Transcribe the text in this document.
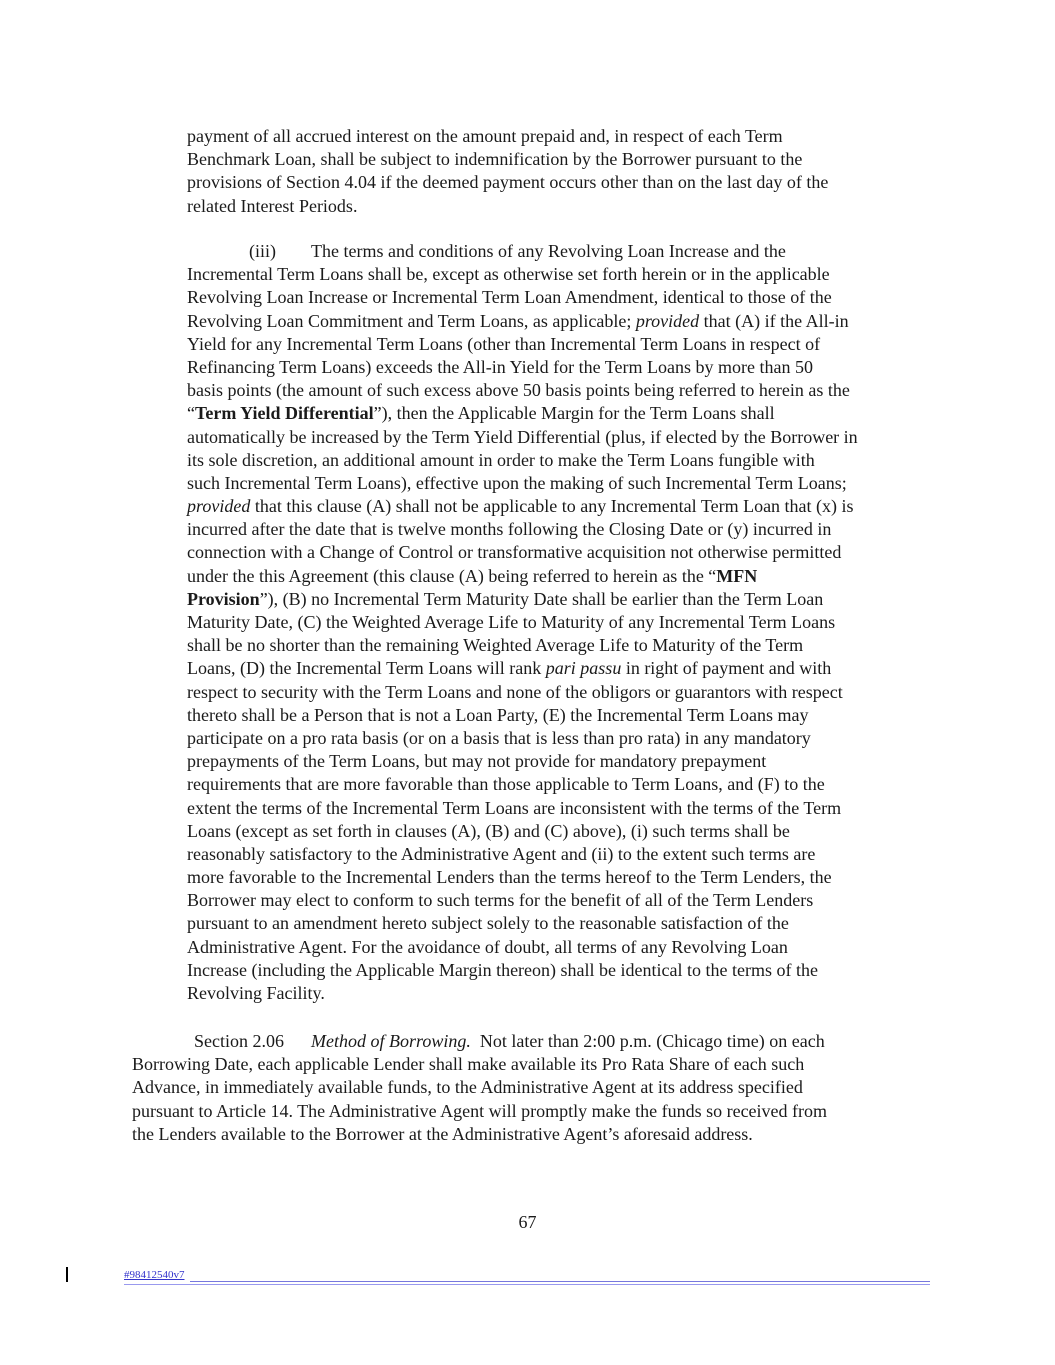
payment of all accrued interest on the amount prepaid and, in respect of each Term
Benchmark Loan, shall be subject to indemnification by the Borrower pursuant to the
provisions of Section 4.04 if the deemed payment occurs other than on the last day of the
related Interest Periods.
(iii) The terms and conditions of any Revolving Loan Increase and the
Incremental Term Loans shall be, except as otherwise set forth herein or in the applicable
Revolving Loan Increase or Incremental Term Loan Amendment, identical to those of the
Revolving Loan Commitment and Term Loans, as applicable; provided that (A) if the All-in
Yield for any Incremental Term Loans (other than Incremental Term Loans in respect of
Refinancing Term Loans) exceeds the All-in Yield for the Term Loans by more than 50
basis points (the amount of such excess above 50 basis points being referred to herein as the
“Term Yield Differential”), then the Applicable Margin for the Term Loans shall
automatically be increased by the Term Yield Differential (plus, if elected by the Borrower in
its sole discretion, an additional amount in order to make the Term Loans fungible with
such Incremental Term Loans), effective upon the making of such Incremental Term Loans;
provided that this clause (A) shall not be applicable to any Incremental Term Loan that (x) is
incurred after the date that is twelve months following the Closing Date or (y) incurred in
connection with a Change of Control or transformative acquisition not otherwise permitted
under the this Agreement (this clause (A) being referred to herein as the “MFN
Provision”), (B) no Incremental Term Maturity Date shall be earlier than the Term Loan
Maturity Date, (C) the Weighted Average Life to Maturity of any Incremental Term Loans
shall be no shorter than the remaining Weighted Average Life to Maturity of the Term
Loans, (D) the Incremental Term Loans will rank pari passu in right of payment and with
respect to security with the Term Loans and none of the obligors or guarantors with respect
thereto shall be a Person that is not a Loan Party, (E) the Incremental Term Loans may
participate on a pro rata basis (or on a basis that is less than pro rata) in any mandatory
prepayments of the Term Loans, but may not provide for mandatory prepayment
requirements that are more favorable than those applicable to Term Loans, and (F) to the
extent the terms of the Incremental Term Loans are inconsistent with the terms of the Term
Loans (except as set forth in clauses (A), (B) and (C) above), (i) such terms shall be
reasonably satisfactory to the Administrative Agent and (ii) to the extent such terms are
more favorable to the Incremental Lenders than the terms hereof to the Term Lenders, the
Borrower may elect to conform to such terms for the benefit of all of the Term Lenders
pursuant to an amendment hereto subject solely to the reasonable satisfaction of the
Administrative Agent. For the avoidance of doubt, all terms of any Revolving Loan
Increase (including the Applicable Margin thereon) shall be identical to the terms of the
Revolving Facility.
Section 2.06 Method of Borrowing.  Not later than 2:00 p.m. (Chicago time) on each
Borrowing Date, each applicable Lender shall make available its Pro Rata Share of each such
Advance, in immediately available funds, to the Administrative Agent at its address specified
pursuant to Article 14. The Administrative Agent will promptly make the funds so received from
the Lenders available to the Borrower at the Administrative Agent’s aforesaid address.
67
#98412540v7
